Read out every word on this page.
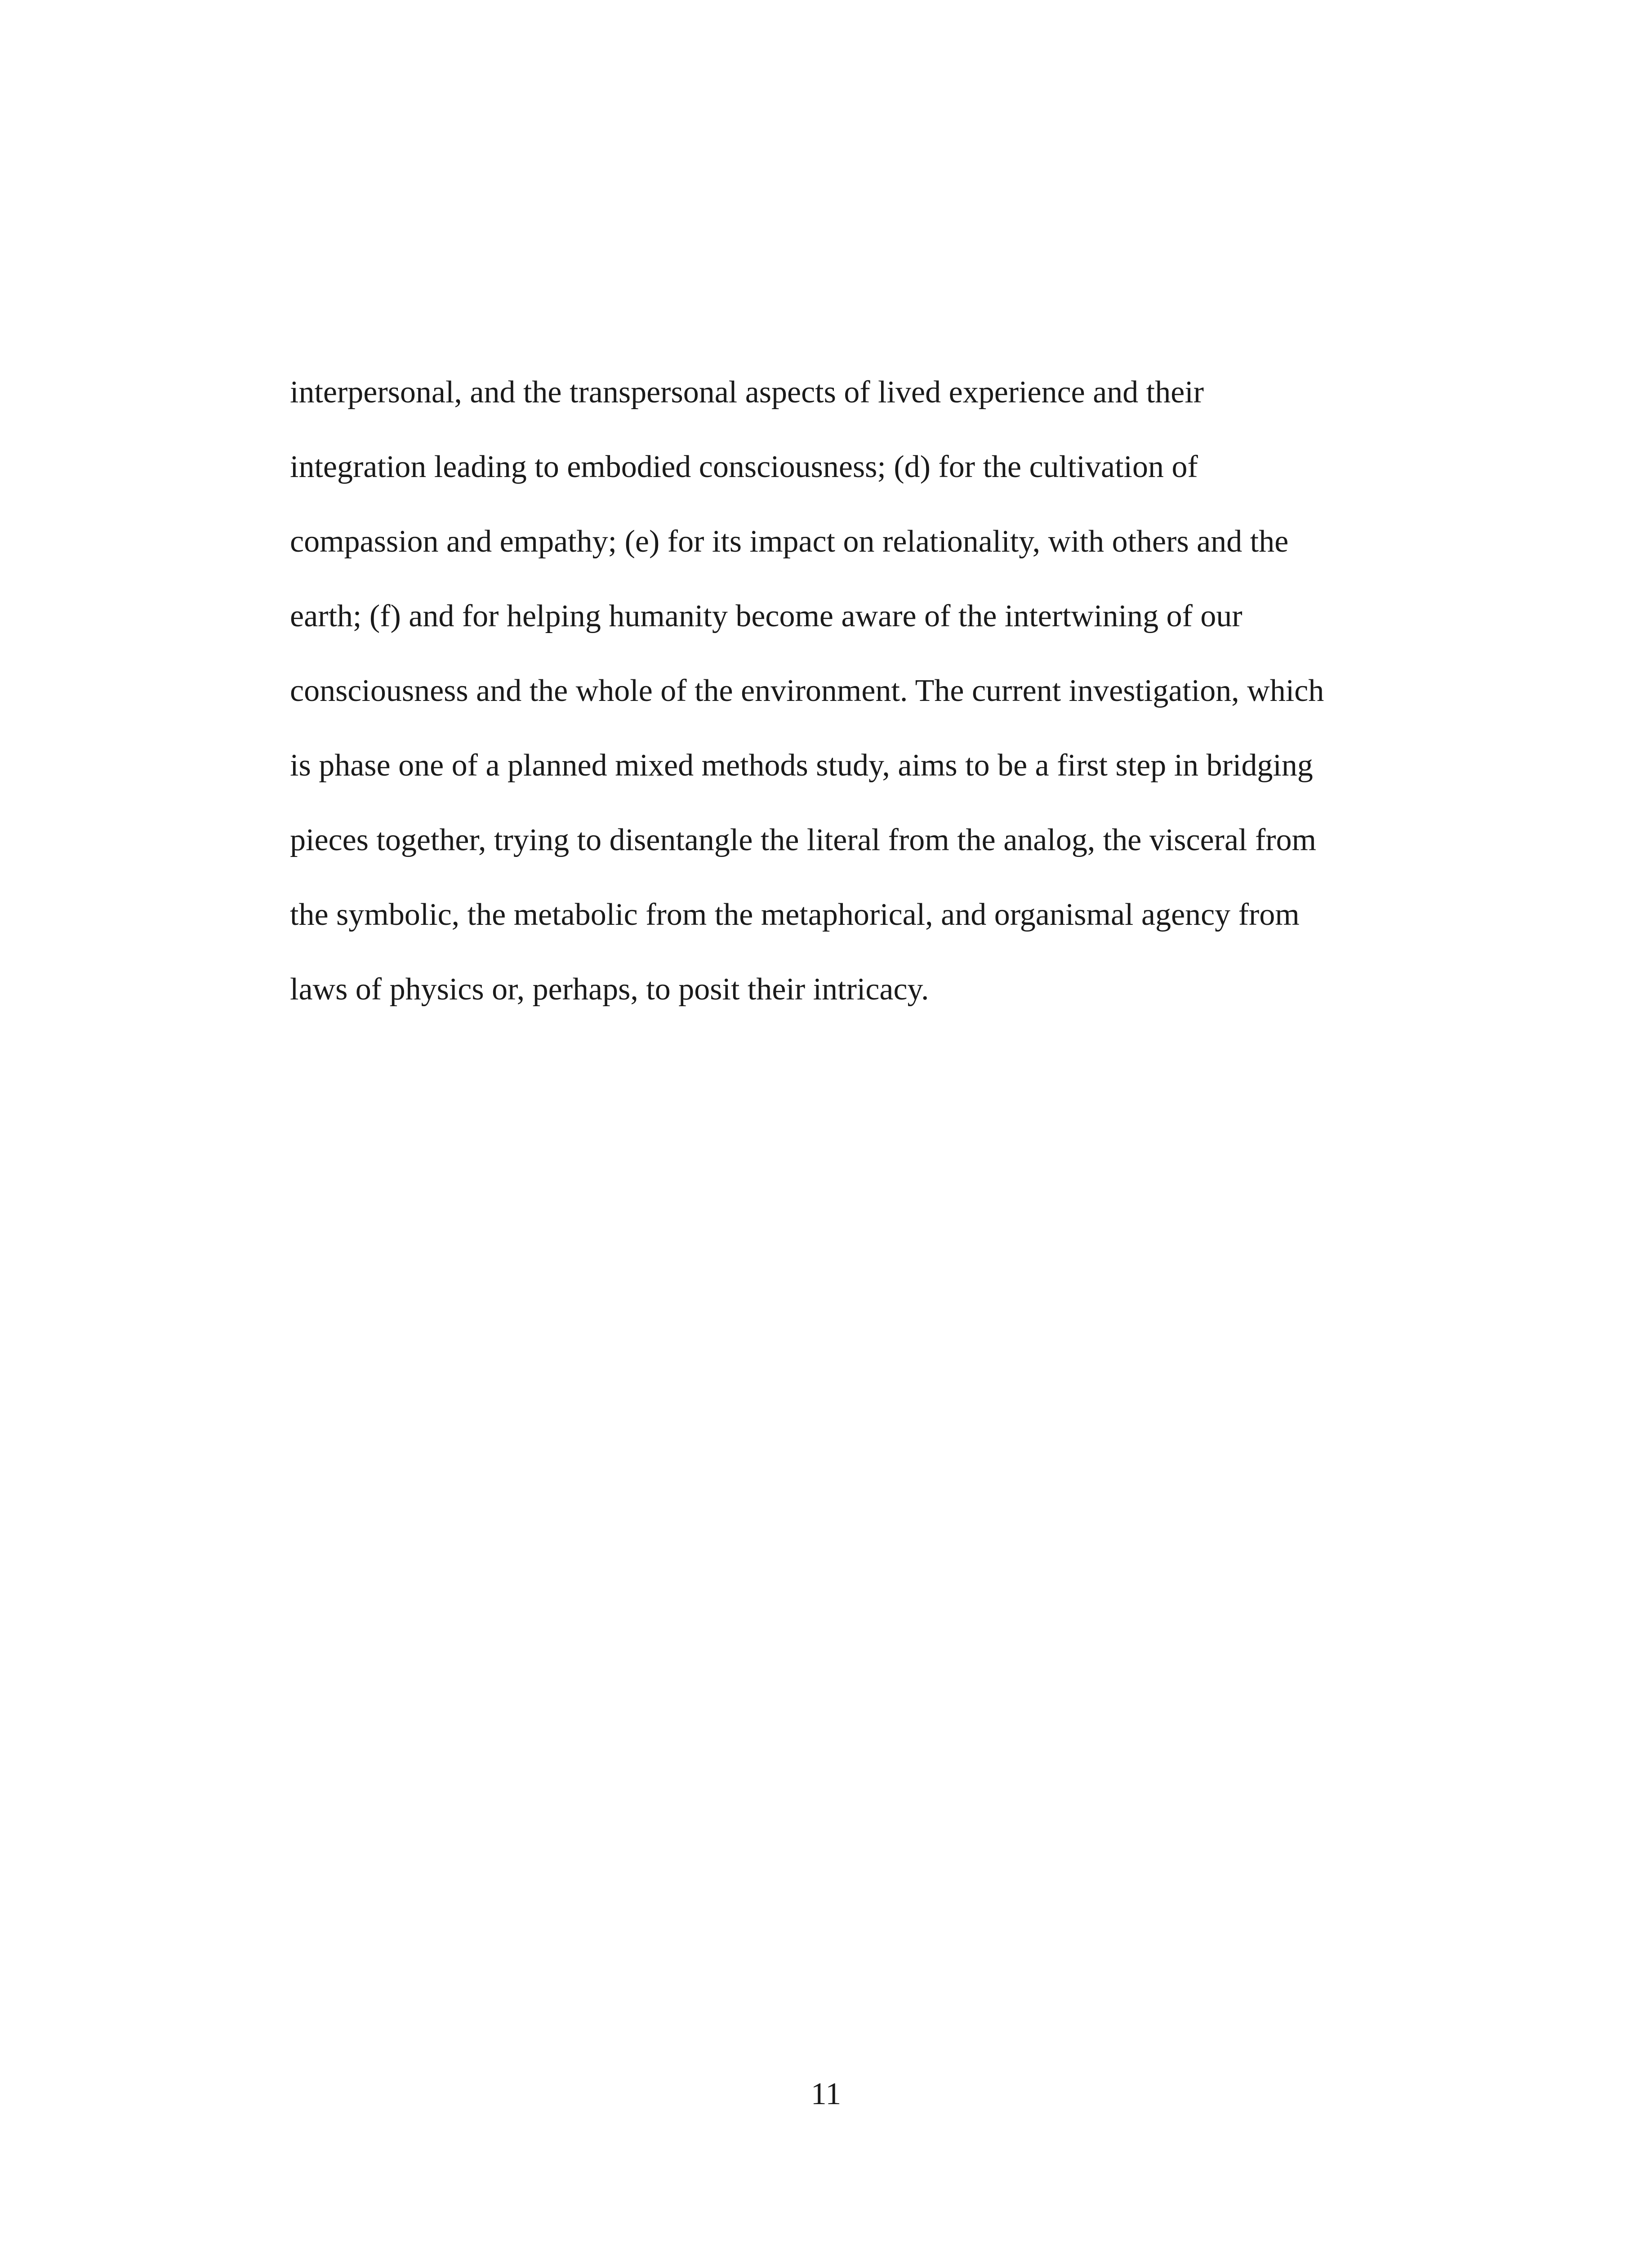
interpersonal, and the transpersonal aspects of lived experience and their
integration leading to embodied consciousness; (d) for the cultivation of
compassion and empathy; (e) for its impact on relationality, with others and the
earth; (f) and for helping humanity become aware of the intertwining of our
consciousness and the whole of the environment. The current investigation, which
is phase one of a planned mixed methods study, aims to be a first step in bridging
pieces together, trying to disentangle the literal from the analog, the visceral from
the symbolic, the metabolic from the metaphorical, and organismal agency from
laws of physics or, perhaps, to posit their intricacy.
11
